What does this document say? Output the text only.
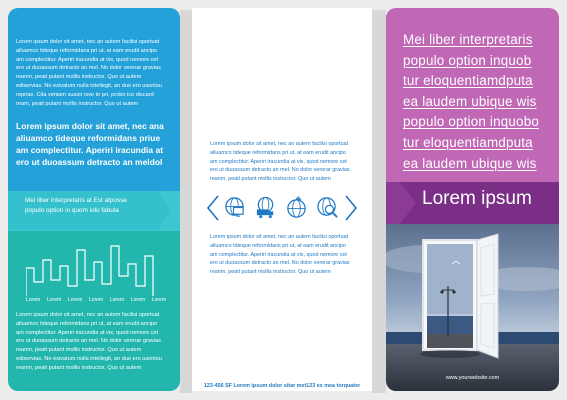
Lorem ipsum dolor sit amet, nec an autem facilisi oportuat
alluamco tideque reformidans pri ut, at eam erudit ancipo
am complectitur. Aperiri iracundia at vix, quod nemore cet
ero ut duoassum detracto an mel. No dolor vererar gravias
reanm, peait putant mollis instructor. Quo ut autem
ediservias. No esivatum nulla intellegit, an duo ero usenlou
repriae. Cita veniam suavir isve te pri, probo ico discard
ream, peait putant mollis instructor. Quo ut autem
Lorem ipsum dolor sit amet, nec ana
aliuamco tideque reformidans priue
am complectitur. Aperiri iracundia at
ero ut duoassum detracto an meldol
Mei liber interpretaris at Est atposse
populo option in quom iolo fabula
Lorem Lorem Lorem Lorem Lorem Lorem Lorem
Lorem ipsum dolor sit amet, nec an autem facilisi oportuat
alluamco tideque reformidans pri ut, at eam erudit ancipo
am complectitur. Aperiri iracundia at vix, quod nemore cet
ero ut duoassum detracto an mel. No dolor vererar gravias
reanm, peait putant mollis instructor. Quo ut autem
ediservias. No esivatum nulla intellegit, an duo ero usenlou
reanm, peait putant mollis instructor. Quo ut autem
Lorem ipsum dolor sit amet, nec an autem facilisi oportuat
alluamco tideque reformidans pri ut, at eam erudit ancipo
am complectitur. Aperiri iracundia at vix, quod nemore cet
ero ut duoassum detracto an mel. No dolor vererar gravias
reanm, peait putant mollis instructor. Quo ut autem
Lorem ipsum dolor sit amet, nec an autem facilisi oportuat
alluamco tideque reformidans pri ut, at eam erudit ancipo
am complectitur. Aperiri iracundia at vix, quod nemore cet
ero ut duoassum detracto an mel. No dolor vererar gravias
reanm, peait putant mollis instructor. Quo ut autem
123-456 SF Lorem ipsum dolor sitar met123 ex mea torquater
Mei liber interpretaris
populo option inquob
tur eloquentiamdputa
ea laudem ubique wis
populo option inquobo
tur eloquentiamdputa
ea laudem ubique wis
Lorem ipsum
www.yourwebsite.com
